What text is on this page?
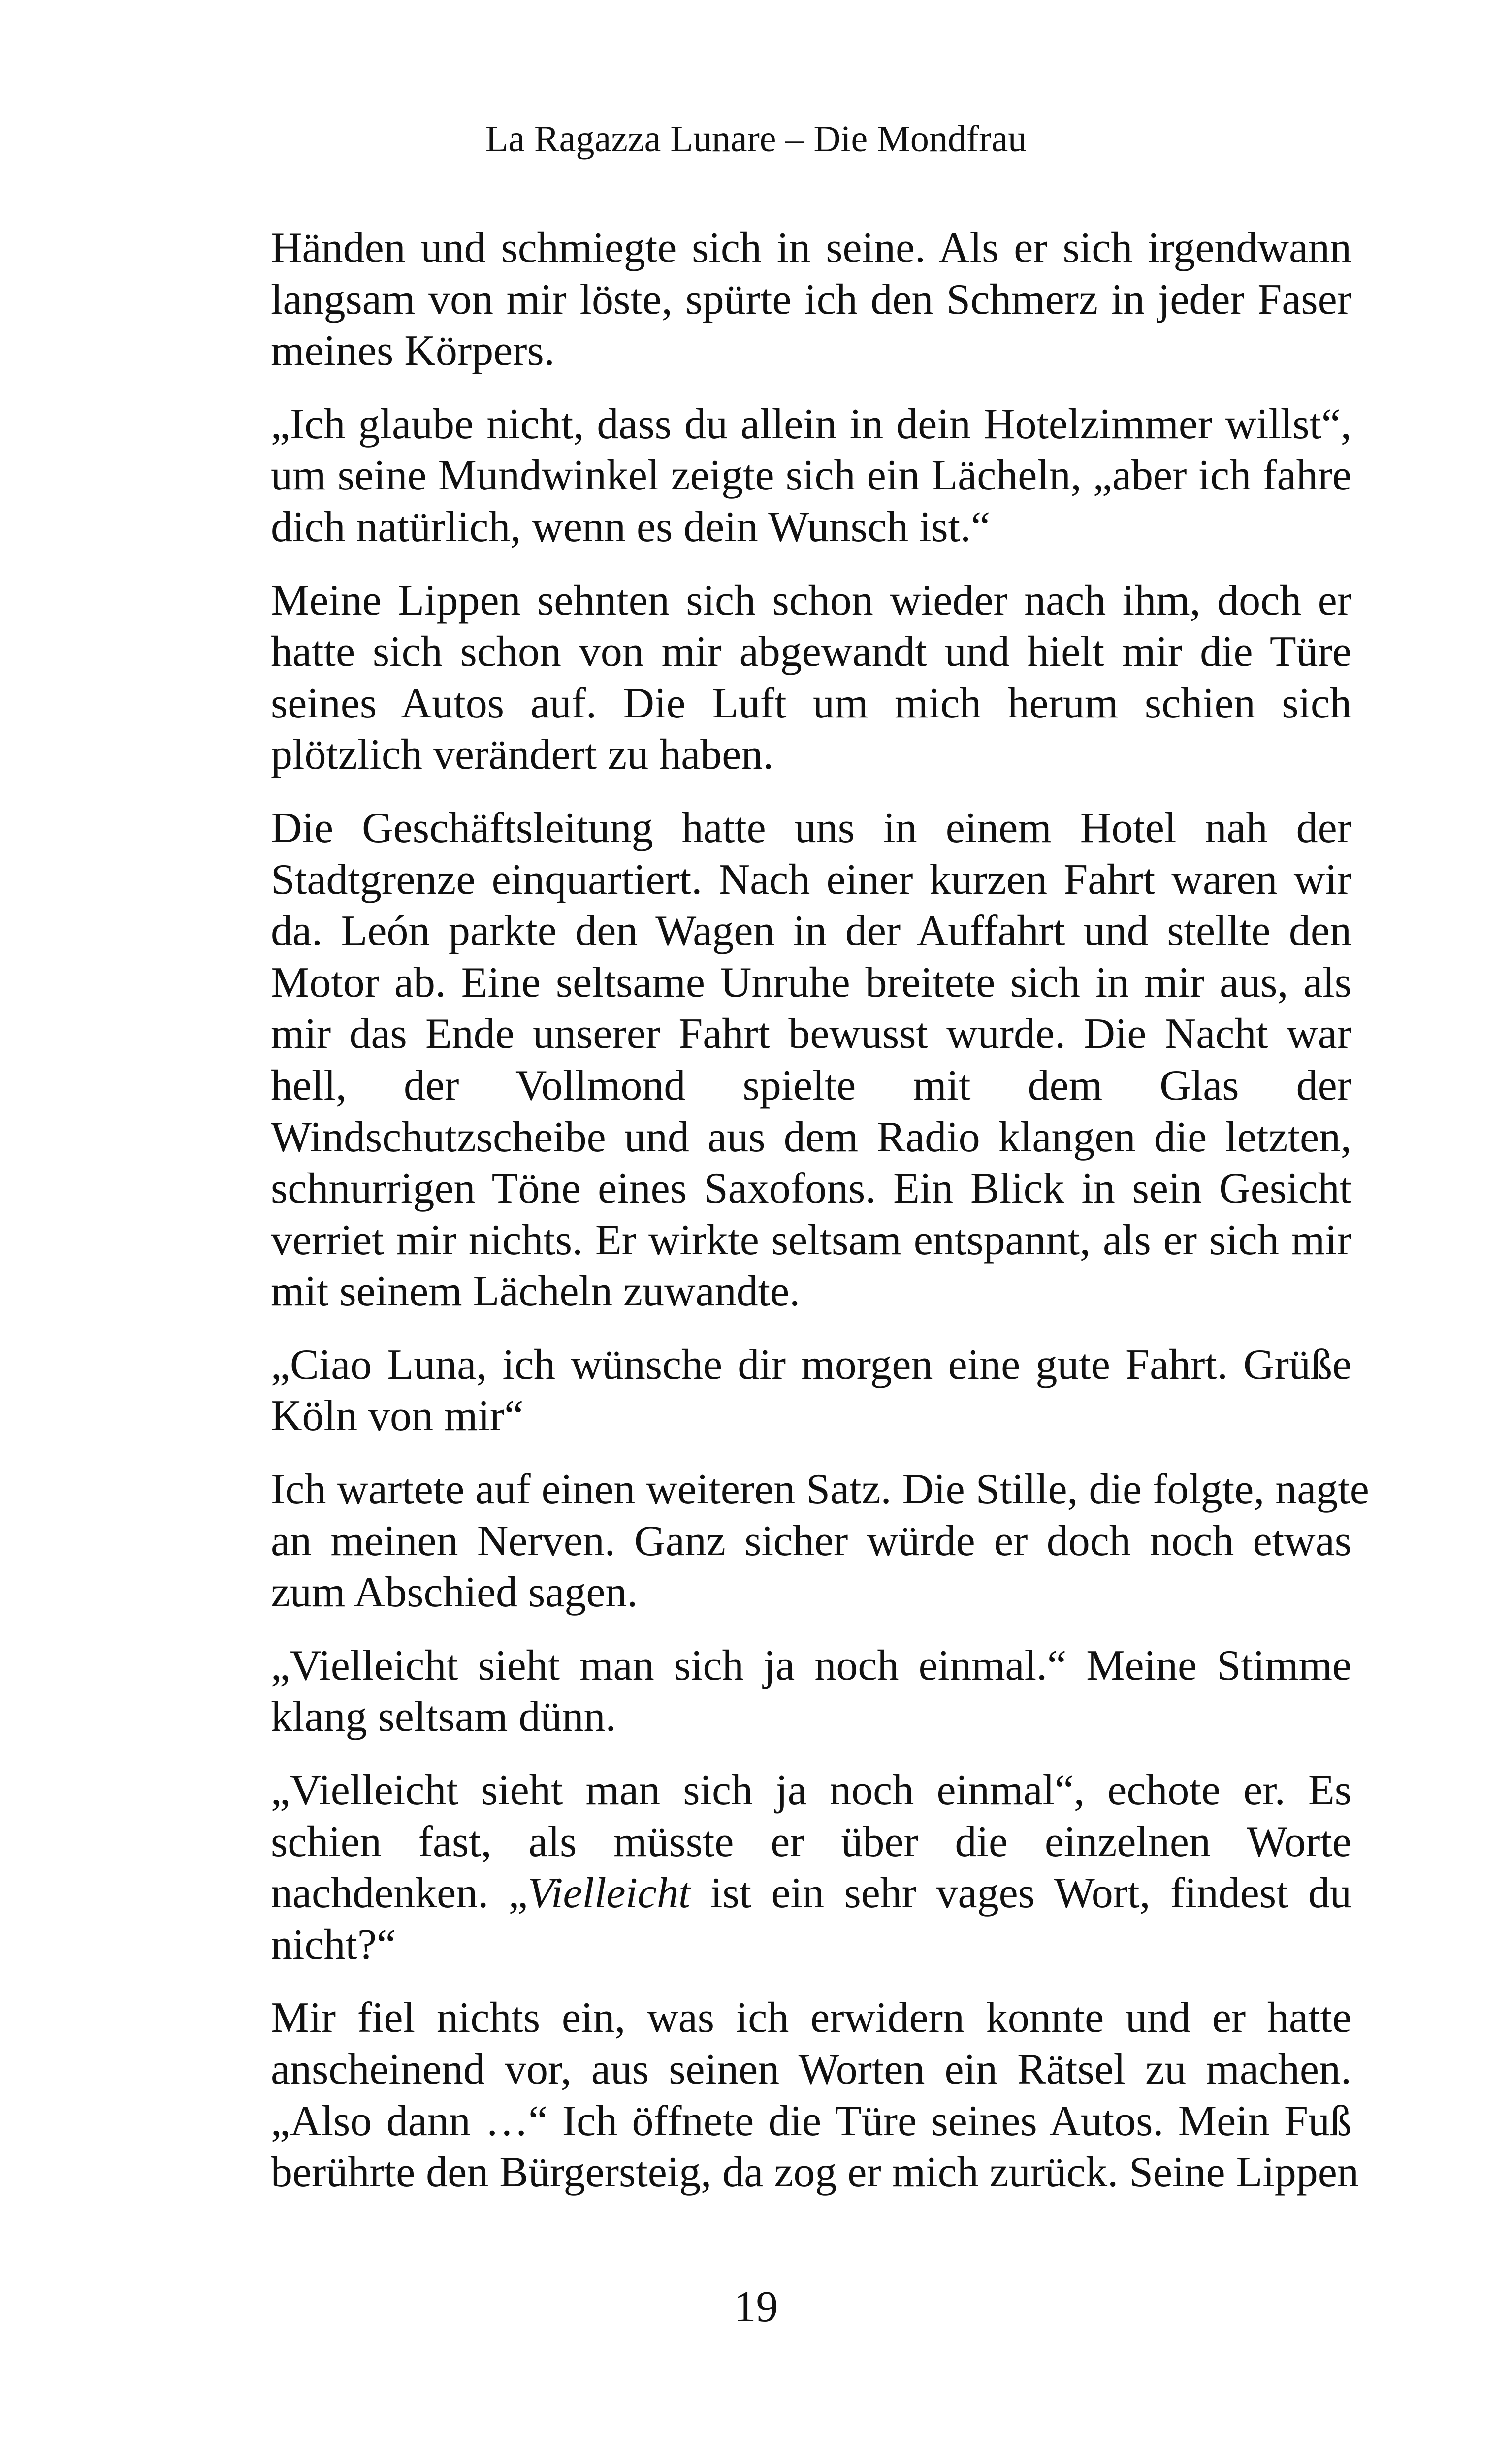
La Ragazza Lunare – Die Mondfrau

Händen und schmiegte sich in seine. Als er sich irgendwann
langsam von mir löste, spürte ich den Schmerz in jeder Faser
meines Körpers.

„Ich glaube nicht, dass du allein in dein Hotelzimmer willst“,
um seine Mundwinkel zeigte sich ein Lächeln, „aber ich fahre
dich natürlich, wenn es dein Wunsch ist.“

Meine Lippen sehnten sich schon wieder nach ihm, doch er
hatte sich schon von mir abgewandt und hielt mir die Türe
seines Autos auf. Die Luft um mich herum schien sich
plötzlich verändert zu haben.

Die Geschäftsleitung hatte uns in einem Hotel nah der
Stadtgrenze einquartiert. Nach einer kurzen Fahrt waren wir
da. León parkte den Wagen in der Auffahrt und stellte den
Motor ab. Eine seltsame Unruhe breitete sich in mir aus, als
mir das Ende unserer Fahrt bewusst wurde. Die Nacht war
hell, der Vollmond spielte mit dem Glas der
Windschutzscheibe und aus dem Radio klangen die letzten,
schnurrigen Töne eines Saxofons. Ein Blick in sein Gesicht
verriet mir nichts. Er wirkte seltsam entspannt, als er sich mir
mit seinem Lächeln zuwandte.

„Ciao Luna, ich wünsche dir morgen eine gute Fahrt. Grüße
Köln von mir“

Ich wartete auf einen weiteren Satz. Die Stille, die folgte, nagte
an meinen Nerven. Ganz sicher würde er doch noch etwas
zum Abschied sagen.

„Vielleicht sieht man sich ja noch einmal.“ Meine Stimme
klang seltsam dünn.

„Vielleicht sieht man sich ja noch einmal“, echote er. Es
schien fast, als müsste er über die einzelnen Worte
nachdenken. „Vielleicht ist ein sehr vages Wort, findest du
nicht?“

Mir fiel nichts ein, was ich erwidern konnte und er hatte
anscheinend vor, aus seinen Worten ein Rätsel zu machen.
„Also dann …“ Ich öffnete die Türe seines Autos. Mein Fuß
berührte den Bürgersteig, da zog er mich zurück. Seine Lippen

19
